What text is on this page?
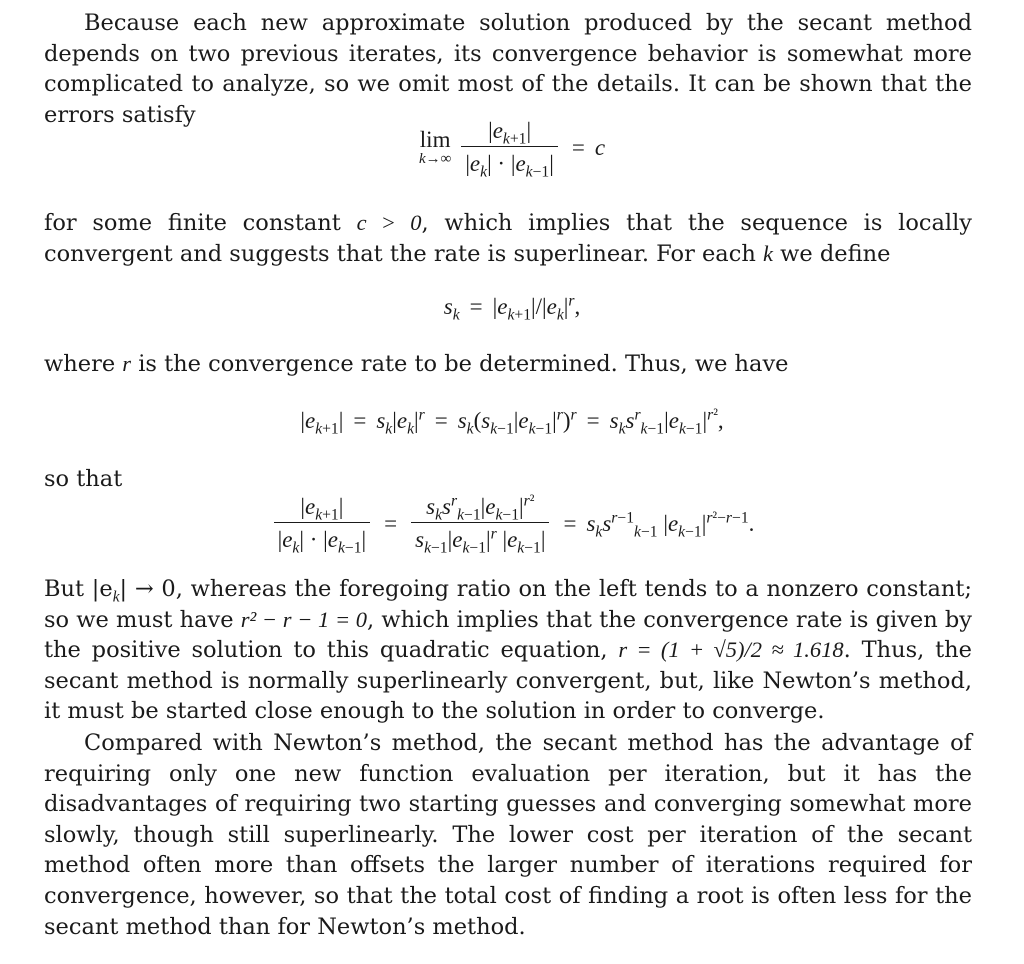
Because each new approximate solution produced by the secant method depends on two previous iterates, its convergence behavior is somewhat more complicated to analyze, so we omit most of the details. It can be shown that the errors satisfy

lim
$k\to\infty \frac{|e_{k+1}|}{|e_k| \cdot |e_{k-1}|} = c$

for some finite constant c > 0, which implies that the sequence is locally convergent and suggests that the rate is superlinear. For each k we define

$s_k = |e_{k+1}|/|e_k|^r$,

where r is the convergence rate to be determined. Thus, we have

$|e_{k+1}| = s_k|e_k|^r = s_k(s_{k-1}|e_{k-1}|^r)^r = s_ks^r_{k-1}|e_{k-1}|^{r^2}$,

so that

$\frac{|e_{k+1}|}{|e_k| \cdot |e_{k-1}|} = \frac{s_ks^r_{k-1}|e_{k-1}|^{r^2}}{s_{k-1}|e_{k-1}|^r |e_{k-1}|} = s_ks^{r-1}_{k-1}$ $|e_{k-1}|^{r^2-r-1}$.

But $|e_k| \to 0$, whereas the foregoing ratio on the left tends to a nonzero constant; so we must have r² − r − 1 = 0, which implies that the convergence rate is given by the positive solution to this quadratic equation, r = (1 + √5)/2 ≈ 1.618. Thus, the secant method is normally superlinearly convergent, but, like Newton’s method, it must be started close enough to the solution in order to converge.

Compared with Newton’s method, the secant method has the advantage of requiring only one new function evaluation per iteration, but it has the disadvantages of requiring two starting guesses and converging somewhat more slowly, though still superlinearly. The lower cost per iteration of the secant method often more than offsets the larger number of iterations required for convergence, however, so that the total cost of finding a root is often less for the secant method than for Newton’s method.
